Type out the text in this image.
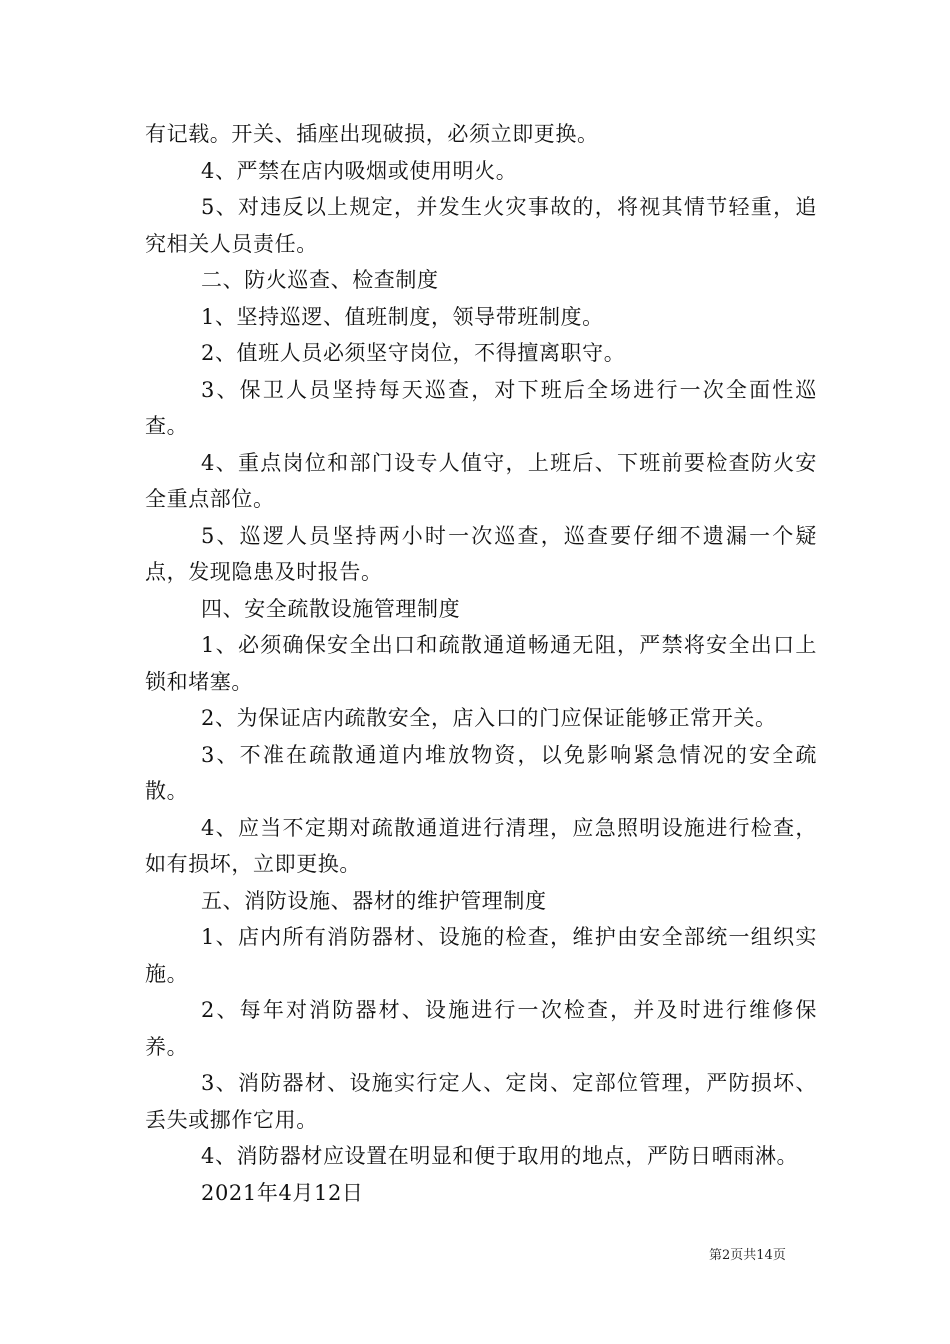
有记载。开关、插座出现破损，必须立即更换。

4、严禁在店内吸烟或使用明火。

5、对违反以上规定，并发生火灾事故的，将视其情节轻重，追究相关人员责任。

二、防火巡查、检查制度

1、坚持巡逻、值班制度，领导带班制度。

2、值班人员必须坚守岗位，不得擅离职守。

3、保卫人员坚持每天巡查，对下班后全场进行一次全面性巡查。

4、重点岗位和部门设专人值守，上班后、下班前要检查防火安全重点部位。

5、巡逻人员坚持两小时一次巡查，巡查要仔细不遗漏一个疑点，发现隐患及时报告。

四、安全疏散设施管理制度

1、必须确保安全出口和疏散通道畅通无阻，严禁将安全出口上锁和堵塞。

2、为保证店内疏散安全，店入口的门应保证能够正常开关。

3、不准在疏散通道内堆放物资，以免影响紧急情况的安全疏散。

4、应当不定期对疏散通道进行清理，应急照明设施进行检查，如有损坏，立即更换。

五、消防设施、器材的维护管理制度

1、店内所有消防器材、设施的检查，维护由安全部统一组织实施。

2、每年对消防器材、设施进行一次检查，并及时进行维修保养。

3、消防器材、设施实行定人、定岗、定部位管理，严防损坏、丢失或挪作它用。

4、消防器材应设置在明显和便于取用的地点，严防日晒雨淋。

2021年4月12日

第2页共14页
